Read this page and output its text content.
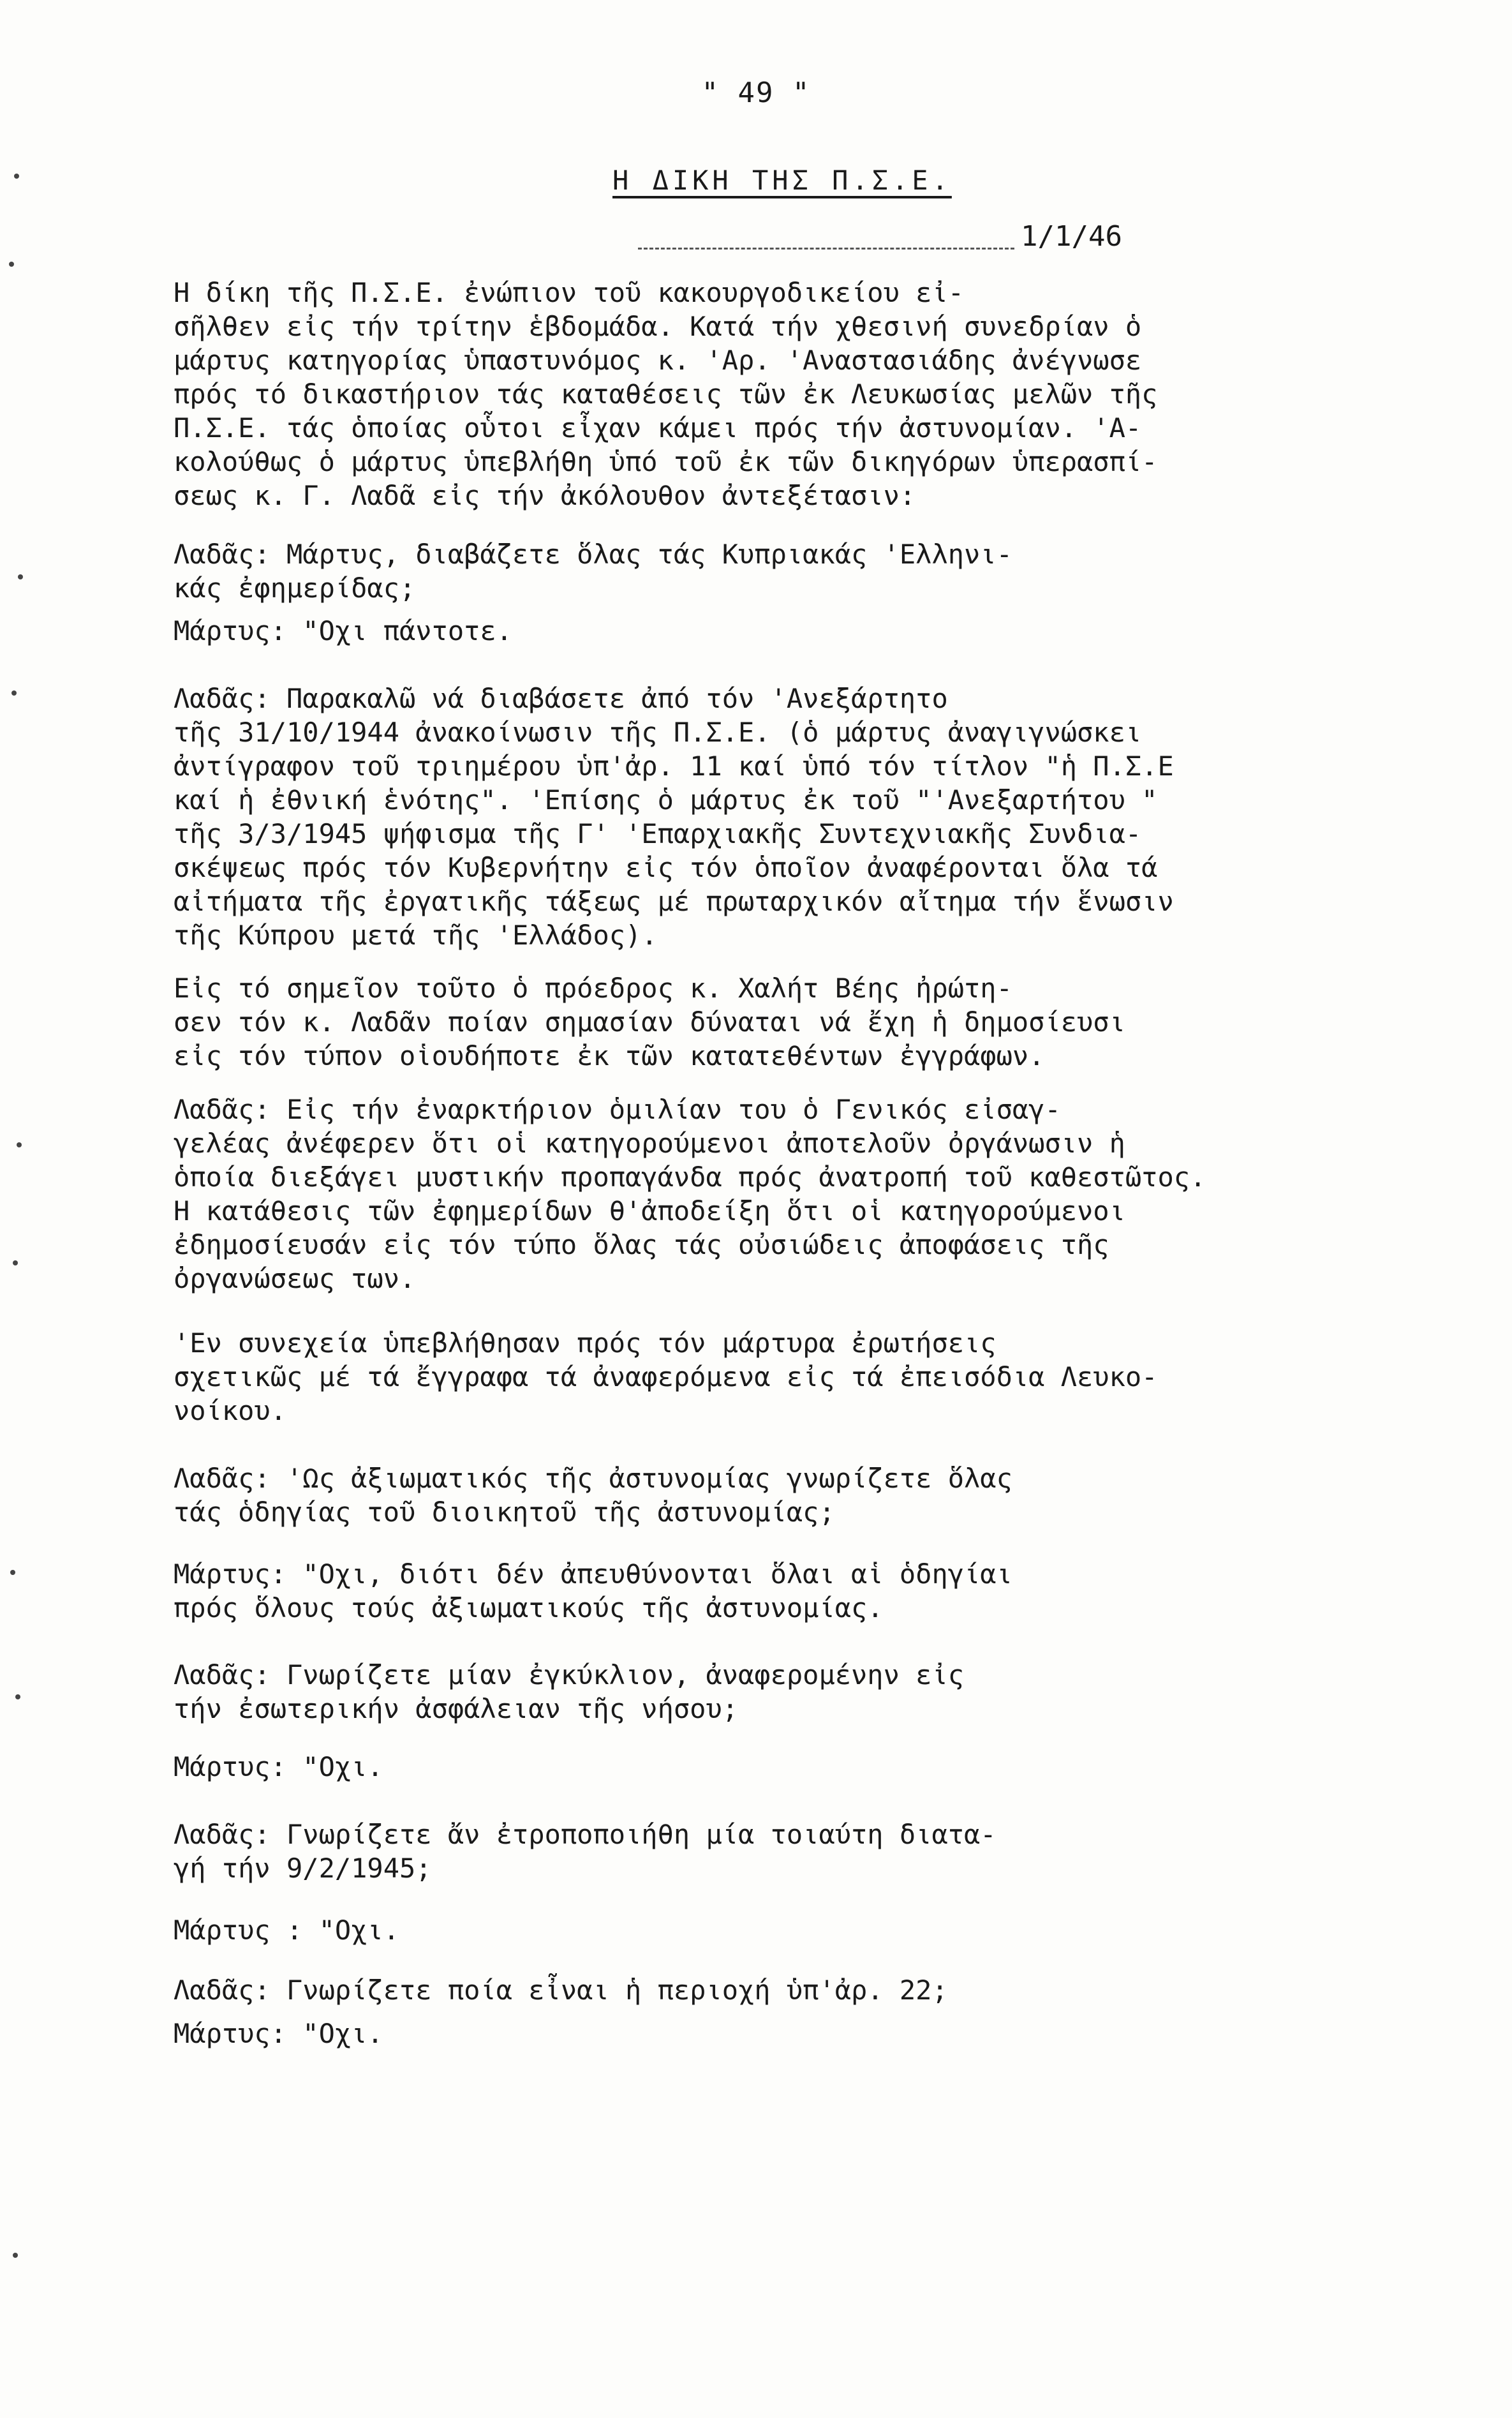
" 49 "
Η ΔΙΚΗ ΤΗΣ Π.Σ.Ε.
1/1/46
Η δίκη τῆς Π.Σ.Ε. ἐνώπιον τοῦ κακουργοδικείου εἰ-
σῆλθεν εἰς τήν τρίτην ἑβδομάδα. Κατά τήν χθεσινή συνεδρίαν ὁ
μάρτυς κατηγορίας ὑπαστυνόμος κ. 'Αρ. 'Αναστασιάδης ἀνέγνωσε
πρός τό δικαστήριον τάς καταθέσεις τῶν ἐκ Λευκωσίας μελῶν τῆς
Π.Σ.Ε. τάς ὁποίας οὗτοι εἶχαν κάμει πρός τήν ἀστυνομίαν. 'Α-
κολούθως ὁ μάρτυς ὑπεβλήθη ὑπό τοῦ ἐκ τῶν δικηγόρων ὑπερασπί-
σεως κ. Γ. Λαδᾶ εἰς τήν ἀκόλουθον ἀντεξέτασιν:
Λαδᾶς: Μάρτυς, διαβάζετε ὅλας τάς Κυπριακάς 'Ελληνι-
κάς ἐφημερίδας;
Μάρτυς: "Οχι πάντοτε.
Λαδᾶς: Παρακαλῶ νά διαβάσετε ἀπό τόν 'Ανεξάρτητο
τῆς 31/10/1944 ἀνακοίνωσιν τῆς Π.Σ.Ε. (ὁ μάρτυς ἀναγιγνώσκει
ἀντίγραφον τοῦ τριημέρου ὑπ'ἀρ. 11 καί ὑπό τόν τίτλον "ἡ Π.Σ.Ε
καί ἡ ἐθνική ἑνότης". 'Επίσης ὁ μάρτυς ἐκ τοῦ "'Ανεξαρτήτου "
τῆς 3/3/1945 ψήφισμα τῆς Γ' 'Επαρχιακῆς Συντεχνιακῆς Συνδια-
σκέψεως πρός τόν Κυβερνήτην εἰς τόν ὁποῖον ἀναφέρονται ὅλα τά
αἰτήματα τῆς ἐργατικῆς τάξεως μέ πρωταρχικόν αἴτημα τήν ἕνωσιν
τῆς Κύπρου μετά τῆς 'Ελλάδος).
Εἰς τό σημεῖον τοῦτο ὁ πρόεδρος κ. Χαλήτ Βέης ἠρώτη-
σεν τόν κ. Λαδᾶν ποίαν σημασίαν δύναται νά ἔχη ἡ δημοσίευσι
εἰς τόν τύπον οἱουδήποτε ἐκ τῶν κατατεθέντων ἐγγράφων.
Λαδᾶς: Εἰς τήν ἐναρκτήριον ὁμιλίαν του ὁ Γενικός εἰσαγ-
γελέας ἀνέφερεν ὅτι οἱ κατηγορούμενοι ἀποτελοῦν ὀργάνωσιν ἡ
ὁποία διεξάγει μυστικήν προπαγάνδα πρός ἀνατροπή τοῦ καθεστῶτος.
Η κατάθεσις τῶν ἐφημερίδων θ'ἀποδείξη ὅτι οἱ κατηγορούμενοι
ἐδημοσίευσάν εἰς τόν τύπο ὅλας τάς οὐσιώδεις ἀποφάσεις τῆς
ὀργανώσεως των.
'Εν συνεχεία ὑπεβλήθησαν πρός τόν μάρτυρα ἐρωτήσεις
σχετικῶς μέ τά ἔγγραφα τά ἀναφερόμενα εἰς τά ἐπεισόδια Λευκο-
νοίκου.
Λαδᾶς: 'Ως ἀξιωματικός τῆς ἀστυνομίας γνωρίζετε ὅλας
τάς ὁδηγίας τοῦ διοικητοῦ τῆς ἀστυνομίας;
Μάρτυς: "Οχι, διότι δέν ἀπευθύνονται ὅλαι αἱ ὁδηγίαι
πρός ὅλους τούς ἀξιωματικούς τῆς ἀστυνομίας.
Λαδᾶς: Γνωρίζετε μίαν ἐγκύκλιον, ἀναφερομένην εἰς
τήν ἐσωτερικήν ἀσφάλειαν τῆς νήσου;
Μάρτυς: "Οχι.
Λαδᾶς: Γνωρίζετε ἄν ἐτροποποιήθη μία τοιαύτη διατα-
γή τήν 9/2/1945;
Μάρτυς : "Οχι.
Λαδᾶς: Γνωρίζετε ποία εἶναι ἡ περιοχή ὑπ'ἀρ. 22;
Μάρτυς: "Οχι.
